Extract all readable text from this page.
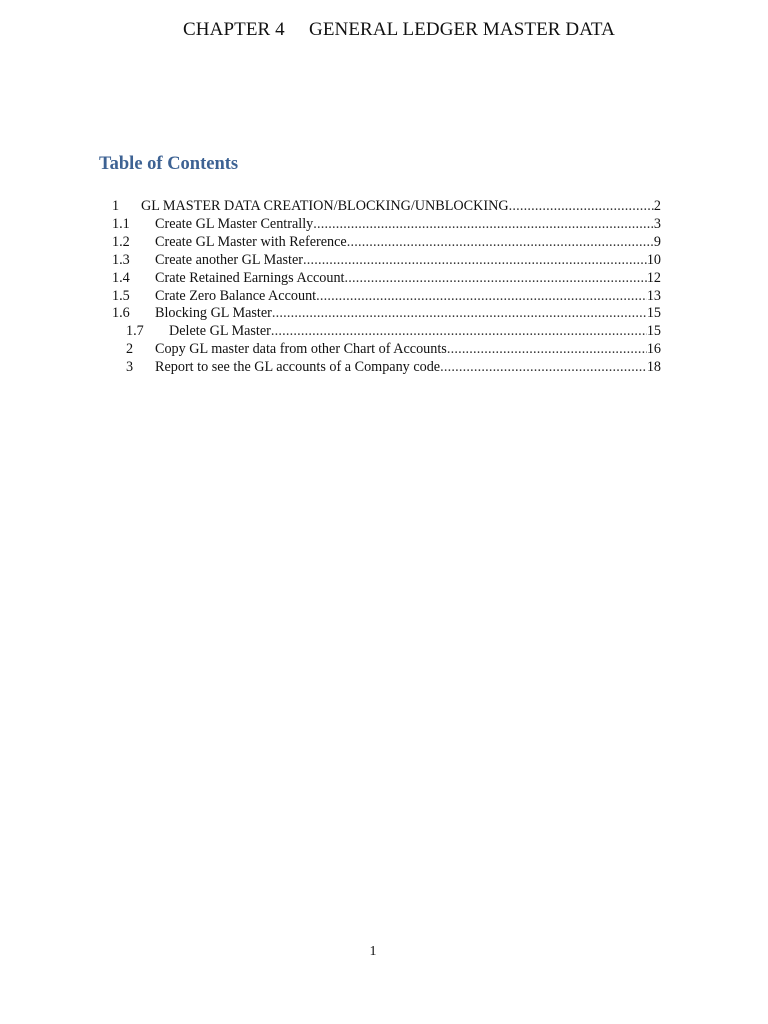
CHAPTER 4 GENERAL LEDGER MASTER DATA
Table of Contents
1	GL MASTER DATA CREATION/BLOCKING/UNBLOCKING .....	2
1.1	Create GL Master Centrally .....	3
1.2	Create GL Master with Reference .....	9
1.3	Create another GL Master .....	10
1.4	Crate Retained Earnings Account .....	12
1.5	Crate Zero Balance Account .....	13
1.6	Blocking GL Master .....	15
1.7	Delete GL Master .....	15
2	Copy GL master data from other Chart of Accounts .....	16
3	Report to see the GL accounts of a Company code .....	18
1
